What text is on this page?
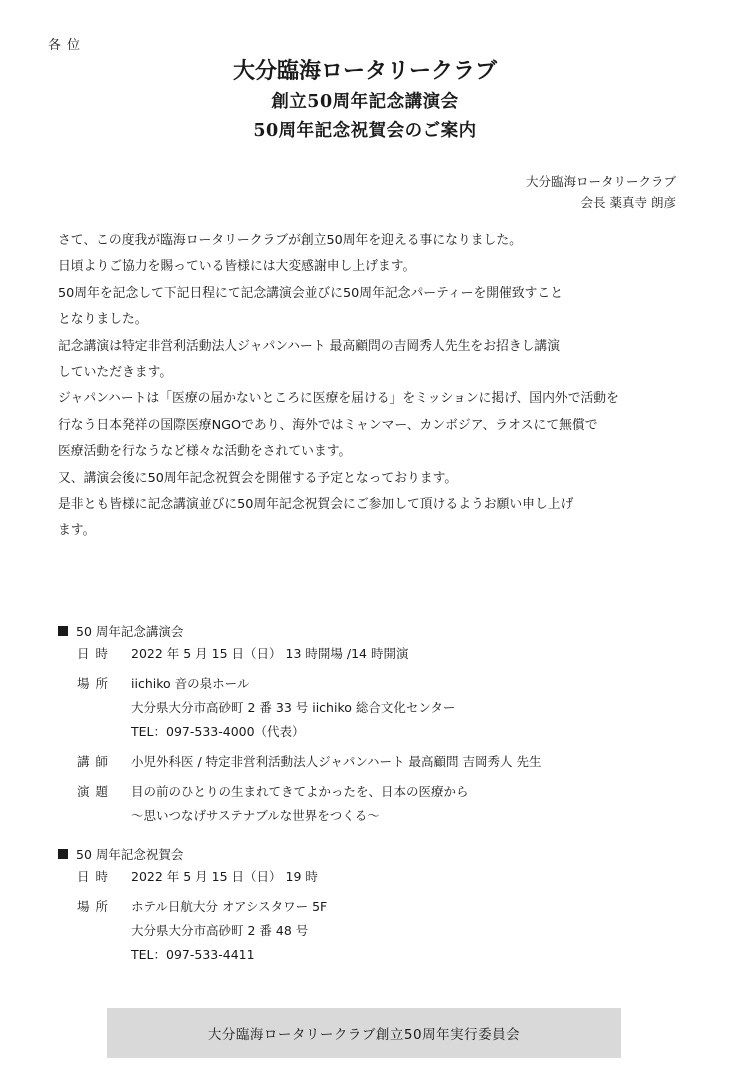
各位
大分臨海ロータリークラブ
創立50周年記念講演会
50周年記念祝賀会のご案内
大分臨海ロータリークラブ
会長 薬真寺 朗彦

さて、この度我が臨海ロータリークラブが創立50周年を迎える事になりました。

日頃よりご協力を賜っている皆様には大変感謝申し上げます。

50周年を記念して下記日程にて記念講演会並びに50周年記念パーティーを開催致すこと

となりました。

記念講演は特定非営利活動法人ジャパンハート 最高顧問の吉岡秀人先生をお招きし講演

していただきます。

ジャパンハートは「医療の届かないところに医療を届ける」をミッションに掲げ、国内外で活動を

行なう日本発祥の国際医療NGOであり、海外ではミャンマー、カンボジア、ラオスにて無償で

医療活動を行なうなど様々な活動をされています。

又、講演会後に50周年記念祝賀会を開催する予定となっております。

是非とも皆様に記念講演並びに50周年記念祝賀会にご参加して頂けるようお願い申し上げ

ます。

50 周年記念講演会
日時	2022 年 5 月 15 日（日） 13 時開場 /14 時開演
場所	iichiko 音の泉ホール
大分県大分市高砂町 2 番 33 号 iichiko 総合文化センター
TEL：097-533-4000（代表）
講師	小児外科医 / 特定非営利活動法人ジャパンハート 最高顧問 吉岡秀人 先生
演題	目の前のひとりの生まれてきてよかったを、日本の医療から
～思いつなげサステナブルな世界をつくる～
50 周年記念祝賀会
日時	2022 年 5 月 15 日（日） 19 時
場所	ホテル日航大分 オアシスタワー 5F
大分県大分市高砂町 2 番 48 号
TEL：097-533-4411
大分臨海ロータリークラブ創立50周年実行委員会
